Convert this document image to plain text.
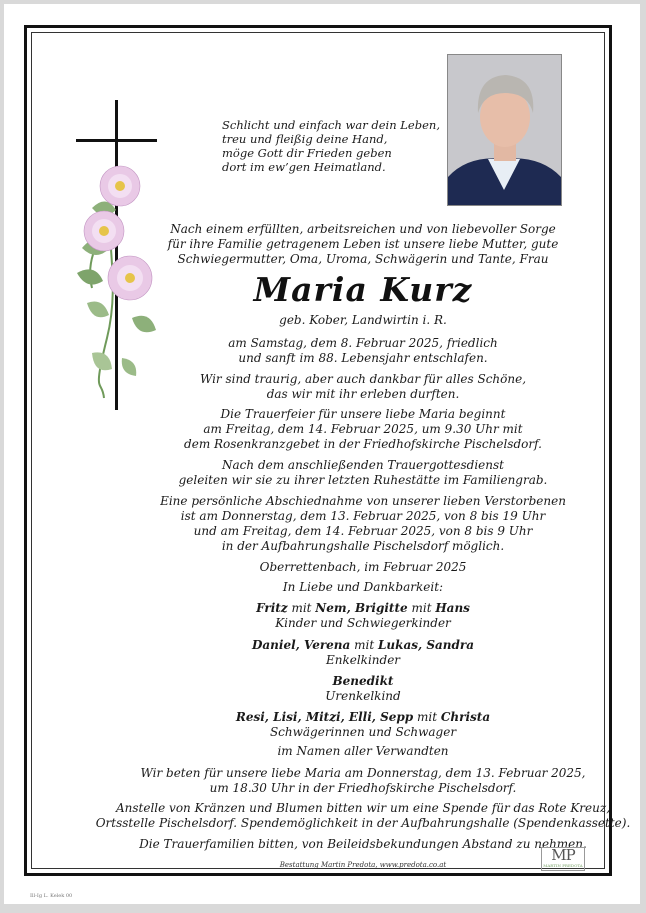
Schlicht und einfach war dein Leben,
treu und fleißig deine Hand,
möge Gott dir Frieden geben
dort im ew’gen Heimatland.
Nach einem erfüllten, arbeitsreichen und von liebevoller Sorge
für ihre Familie getragenem Leben ist unsere liebe Mutter, gute
Schwiegermutter, Oma, Uroma, Schwägerin und Tante, Frau
Maria Kurz
geb. Kober, Landwirtin i. R.
am Samstag, dem 8. Februar 2025, friedlich
und sanft im 88. Lebensjahr entschlafen.
Wir sind traurig, aber auch dankbar für alles Schöne,
das wir mit ihr erleben durften.
Die Trauerfeier für unsere liebe Maria beginnt
am Freitag, dem 14. Februar 2025, um 9.30 Uhr mit
dem Rosenkranzgebet in der Friedhofskirche Pischelsdorf.
Nach dem anschließenden Trauergottesdienst
geleiten wir sie zu ihrer letzten Ruhestätte im Familiengrab.
Eine persönliche Abschiednahme von unserer lieben Verstorbenen
ist am Donnerstag, dem 13. Februar 2025, von 8 bis 19 Uhr
und am Freitag, dem 14. Februar 2025, von 8 bis 9 Uhr
in der Aufbahrungshalle Pischelsdorf möglich.
Oberrettenbach, im Februar 2025
In Liebe und Dankbarkeit:
Fritz mit Nem, Brigitte mit Hans
Kinder und Schwiegerkinder
Daniel, Verena mit Lukas, Sandra
Enkelkinder
Benedikt
Urenkelkind
Resi, Lisi, Mitzi, Elli, Sepp mit Christa
Schwägerinnen und Schwager
im Namen aller Verwandten
Wir beten für unsere liebe Maria am Donnerstag, dem 13. Februar 2025,
um 18.30 Uhr in der Friedhofskirche Pischelsdorf.
Anstelle von Kränzen und Blumen bitten wir um eine Spende für das Rote Kreuz,
Ortsstelle Pischelsdorf. Spendemöglichkeit in der Aufbahrungshalle (Spendenkassette).
Die Trauerfamilien bitten, von Beileidsbekundungen Abstand zu nehmen.
Bestattung Martin Predota, www.predota.co.at
MP
MARTIN PREDOTA
Ill-Ig L. Kelek 00
